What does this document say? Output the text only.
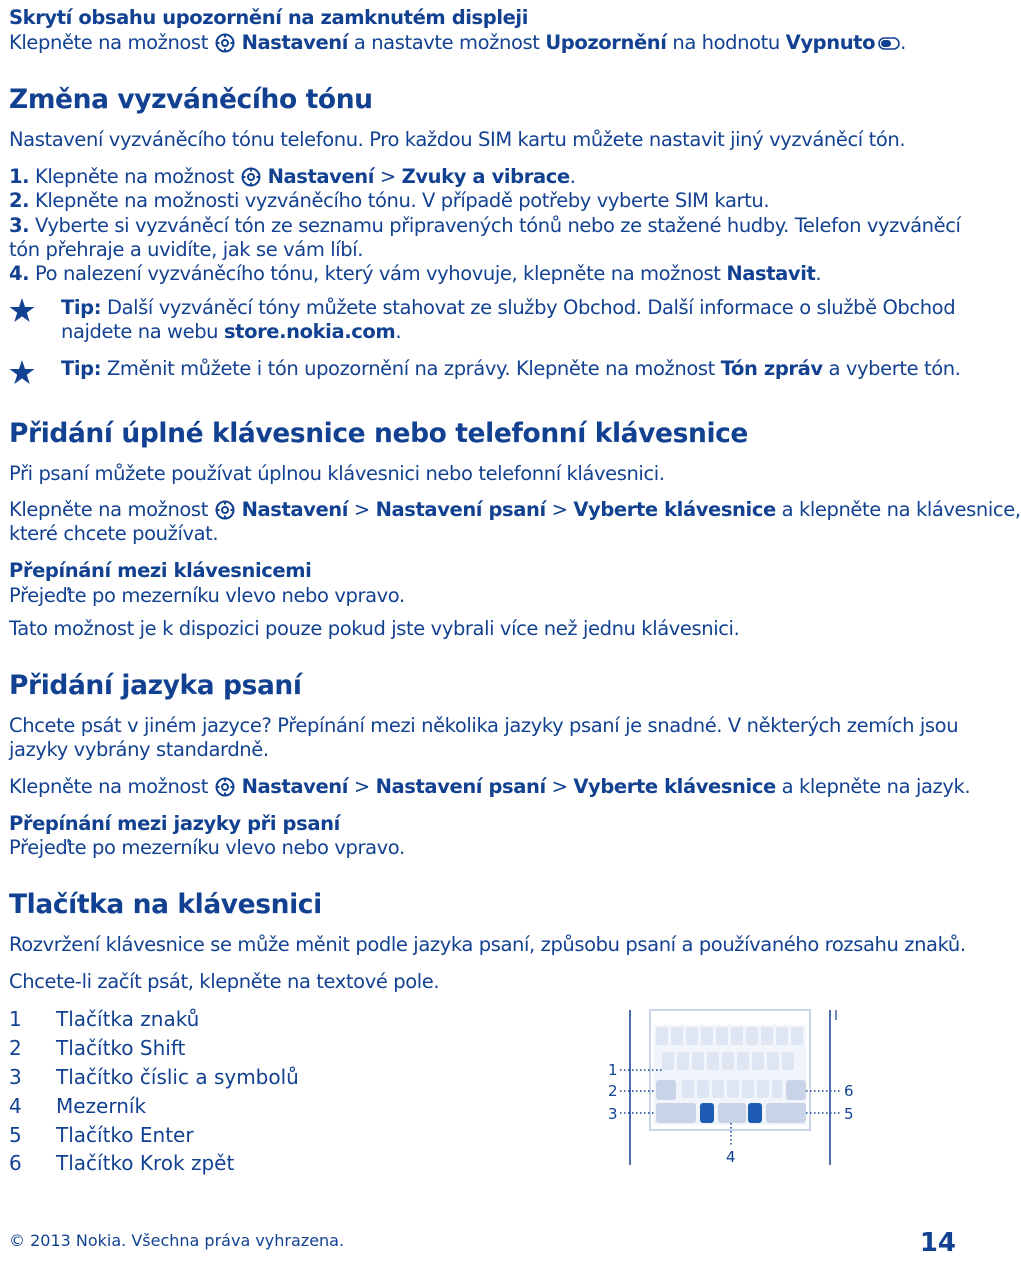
Skrytí obsahu upozornění na zamknutém displeji
Klepněte na možnost Nastavení a nastavte možnost Upozornění na hodnotu Vypnuto .
Změna vyzváněcího tónu
Nastavení vyzváněcího tónu telefonu. Pro každou SIM kartu můžete nastavit jiný vyzváněcí tón.
1. Klepněte na možnost Nastavení > Zvuky a vibrace.
2. Klepněte na možnosti vyzváněcího tónu. V případě potřeby vyberte SIM kartu.
3. Vyberte si vyzváněcí tón ze seznamu připravených tónů nebo ze stažené hudby. Telefon vyzváněcí
tón přehraje a uvidíte, jak se vám líbí.
4. Po nalezení vyzváněcího tónu, který vám vyhovuje, klepněte na možnost Nastavit.
Tip: Další vyzváněcí tóny můžete stahovat ze služby Obchod. Další informace o službě Obchod
najdete na webu store.nokia.com.
Tip: Změnit můžete i tón upozornění na zprávy. Klepněte na možnost Tón zpráv a vyberte tón.
Přidání úplné klávesnice nebo telefonní klávesnice
Při psaní můžete používat úplnou klávesnici nebo telefonní klávesnici.
Klepněte na možnost Nastavení > Nastavení psaní > Vyberte klávesnice a klepněte na klávesnice,
které chcete používat.
Přepínání mezi klávesnicemi
Přejeďte po mezerníku vlevo nebo vpravo.
Tato možnost je k dispozici pouze pokud jste vybrali více než jednu klávesnici.
Přidání jazyka psaní
Chcete psát v jiném jazyce? Přepínání mezi několika jazyky psaní je snadné. V některých zemích jsou
jazyky vybrány standardně.
Klepněte na možnost Nastavení > Nastavení psaní > Vyberte klávesnice a klepněte na jazyk.
Přepínání mezi jazyky při psaní
Přejeďte po mezerníku vlevo nebo vpravo.
Tlačítka na klávesnici
Rozvržení klávesnice se může měnit podle jazyka psaní, způsobu psaní a používaného rozsahu znaků.
Chcete-li začít psát, klepněte na textové pole.
1 Tlačítka znaků
2 Tlačítko Shift
3 Tlačítko číslic a symbolů
4 Mezerník
5 Tlačítko Enter
6 Tlačítko Krok zpět
1
2
3
4
5
6
© 2013 Nokia. Všechna práva vyhrazena.	14
